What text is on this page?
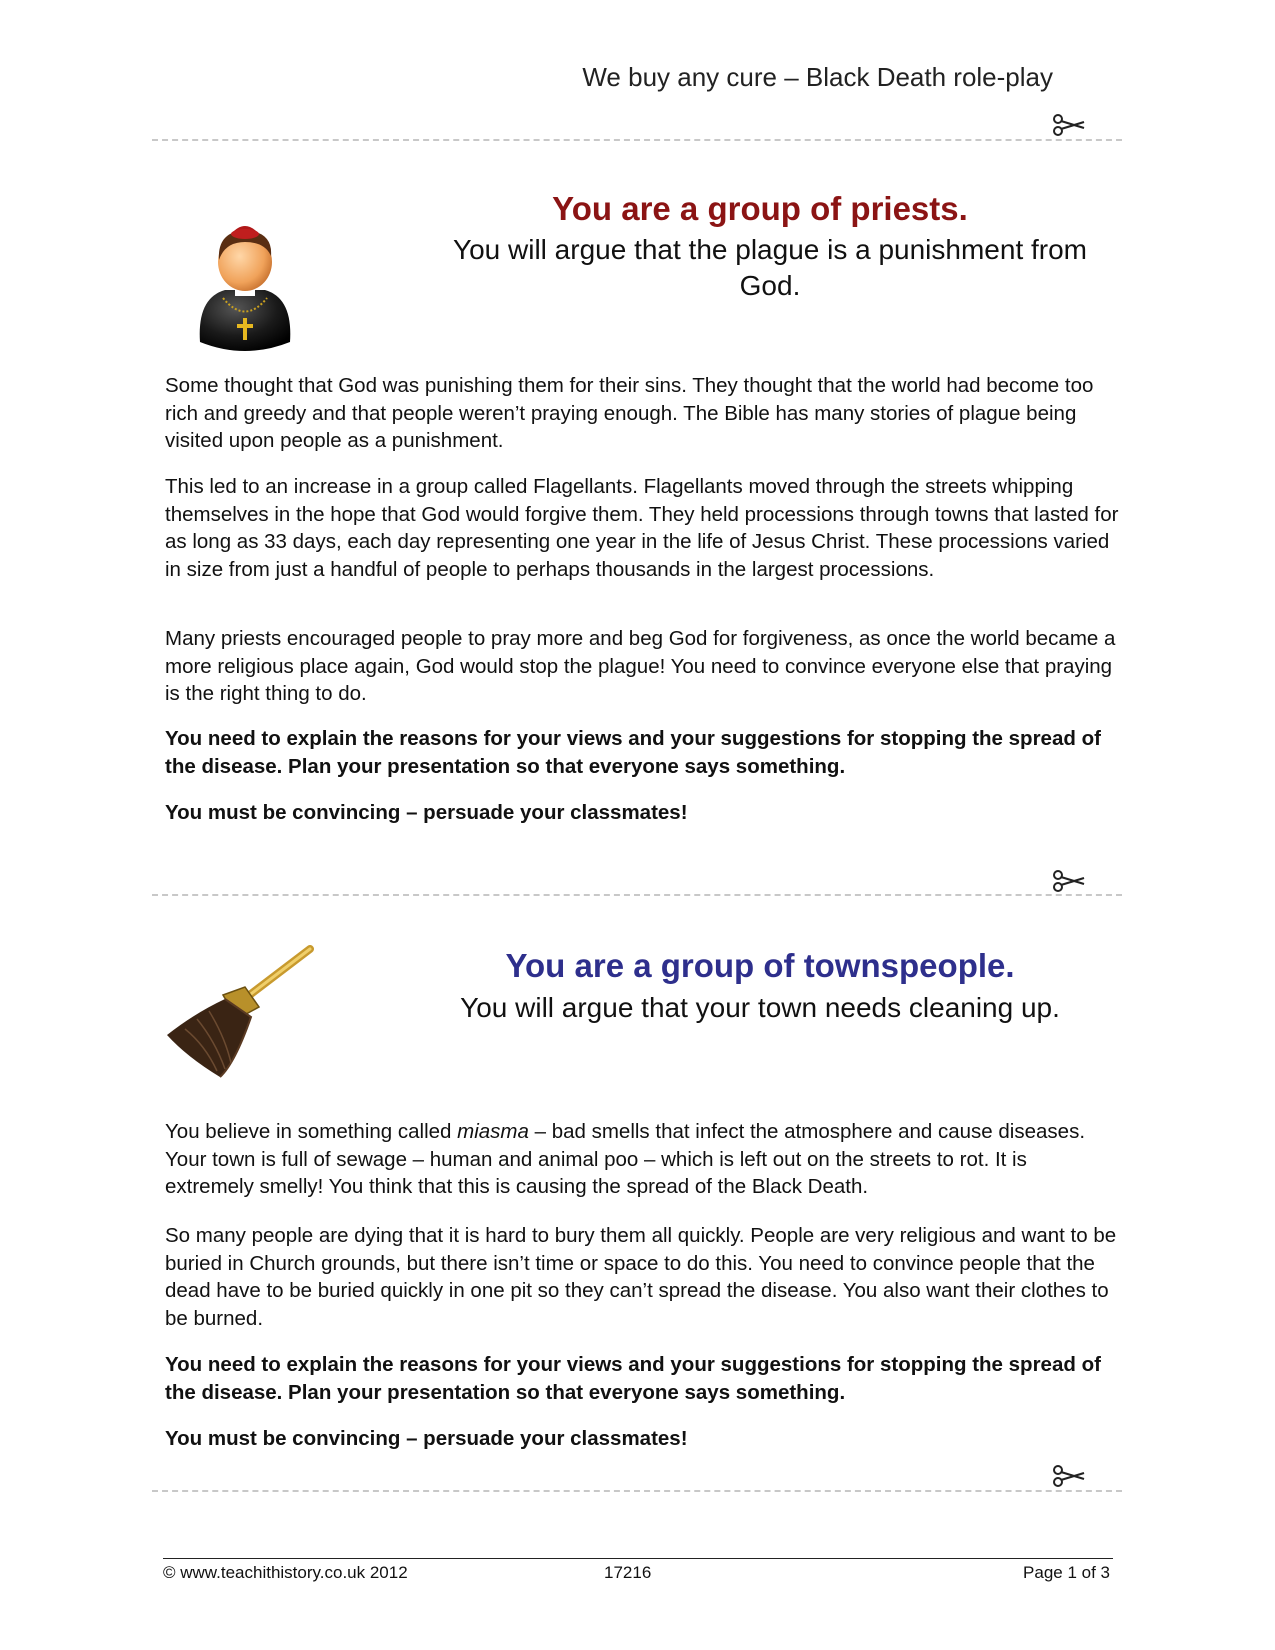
We buy any cure – Black Death role-play
You are a group of priests.
You will argue that the plague is a punishment from
God.
Some thought that God was punishing them for their sins. They thought that the world had become too rich and greedy and that people weren’t praying enough. The Bible has many stories of plague being visited upon people as a punishment.
This led to an increase in a group called Flagellants. Flagellants moved through the streets whipping themselves in the hope that God would forgive them. They held processions through towns that lasted for as long as 33 days, each day representing one year in the life of Jesus Christ. These processions varied in size from just a handful of people to perhaps thousands in the largest processions.
Many priests encouraged people to pray more and beg God for forgiveness, as once the world became a more religious place again, God would stop the plague! You need to convince everyone else that praying is the right thing to do.
You need to explain the reasons for your views and your suggestions for stopping the spread of the disease. Plan your presentation so that everyone says something.
You must be convincing – persuade your classmates!
You are a group of townspeople.
You will argue that your town needs cleaning up.
You believe in something called miasma – bad smells that infect the atmosphere and cause diseases. Your town is full of sewage – human and animal poo – which is left out on the streets to rot. It is extremely smelly! You think that this is causing the spread of the Black Death.
So many people are dying that it is hard to bury them all quickly. People are very religious and want to be buried in Church grounds, but there isn’t time or space to do this. You need to convince people that the dead have to be buried quickly in one pit so they can’t spread the disease. You also want their clothes to be burned.
You need to explain the reasons for your views and your suggestions for stopping the spread of the disease. Plan your presentation so that everyone says something.
You must be convincing – persuade your classmates!
© www.teachithistory.co.uk 2012	17216	Page 1 of 3
